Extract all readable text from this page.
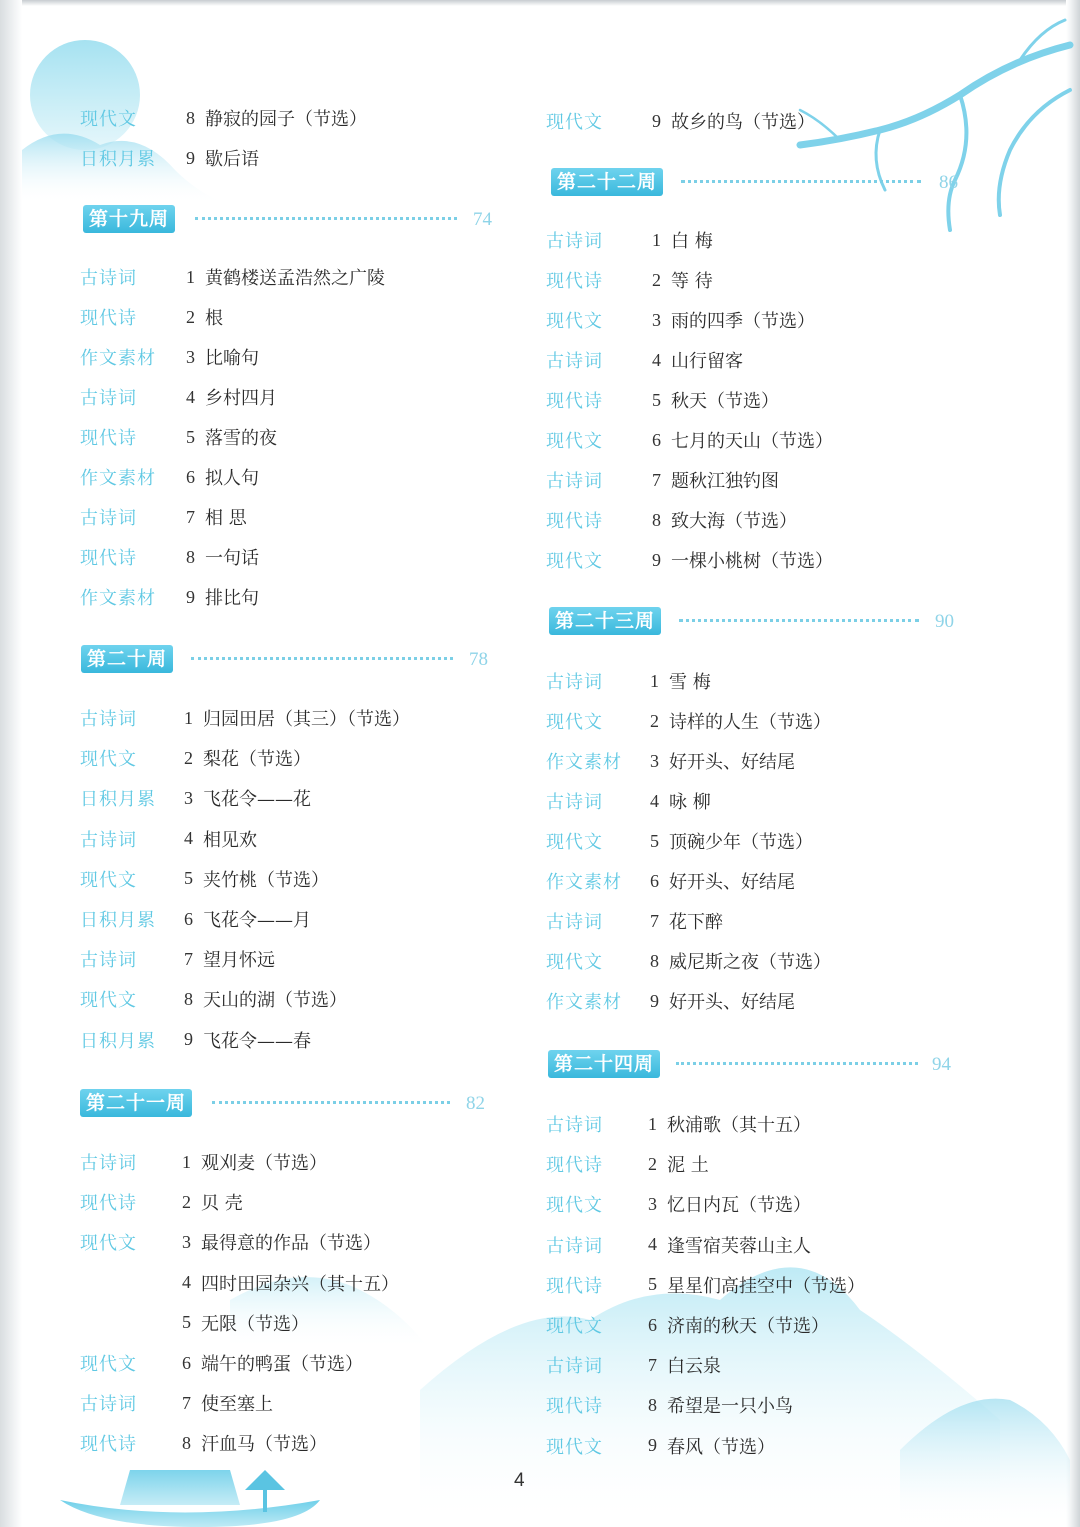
现代文	8 静寂的园子（节选）
日积月累 9 歇后语
第十九周	74
古诗词	1 黄鹤楼送孟浩然之广陵
现代诗	2 根
作文素材 3 比喻句
古诗词	4 乡村四月
现代诗	5 落雪的夜
作文素材 6 拟人句
古诗词	7 相 思
现代诗	8 一句话
作文素材 9 排比句
第二十周	78
古诗词	1 归园田居（其三）（节选）
现代文	2 梨花（节选）
日积月累 3 飞花令——花
古诗词	4 相见欢
现代文	5 夹竹桃（节选）
日积月累 6 飞花令——月
古诗词	7 望月怀远
现代文	8 天山的湖（节选）
日积月累 9 飞花令——春
第二十一周	82
古诗词	1 观刈麦（节选）
现代诗	2 贝 壳
现代文	3 最得意的作品（节选）
4 四时田园杂兴（其十五）
5 无限（节选）
现代文	6 端午的鸭蛋（节选）
古诗词	7 使至塞上
现代诗	8 汗血马（节选）
现代文	9 故乡的鸟（节选）
第二十二周	86
古诗词	1 白 梅
现代诗	2 等 待
现代文	3 雨的四季（节选）
古诗词	4 山行留客
现代诗	5 秋天（节选）
现代文	6 七月的天山（节选）
古诗词	7 题秋江独钓图
现代诗	8 致大海（节选）
现代文	9 一棵小桃树（节选）
第二十三周	90
古诗词	1 雪 梅
现代文	2 诗样的人生（节选）
作文素材 3 好开头、好结尾
古诗词	4 咏 柳
现代文	5 顶碗少年（节选）
作文素材 6 好开头、好结尾
古诗词	7 花下醉
现代文	8 威尼斯之夜（节选）
作文素材 9 好开头、好结尾
第二十四周	94
古诗词	1 秋浦歌（其十五）
现代诗	2 泥 土
现代文	3 忆日内瓦（节选）
古诗词	4 逢雪宿芙蓉山主人
现代诗	5 星星们高挂空中（节选）
现代文	6 济南的秋天（节选）
古诗词	7 白云泉
现代诗	8 希望是一只小鸟
现代文	9 春风（节选）
4
